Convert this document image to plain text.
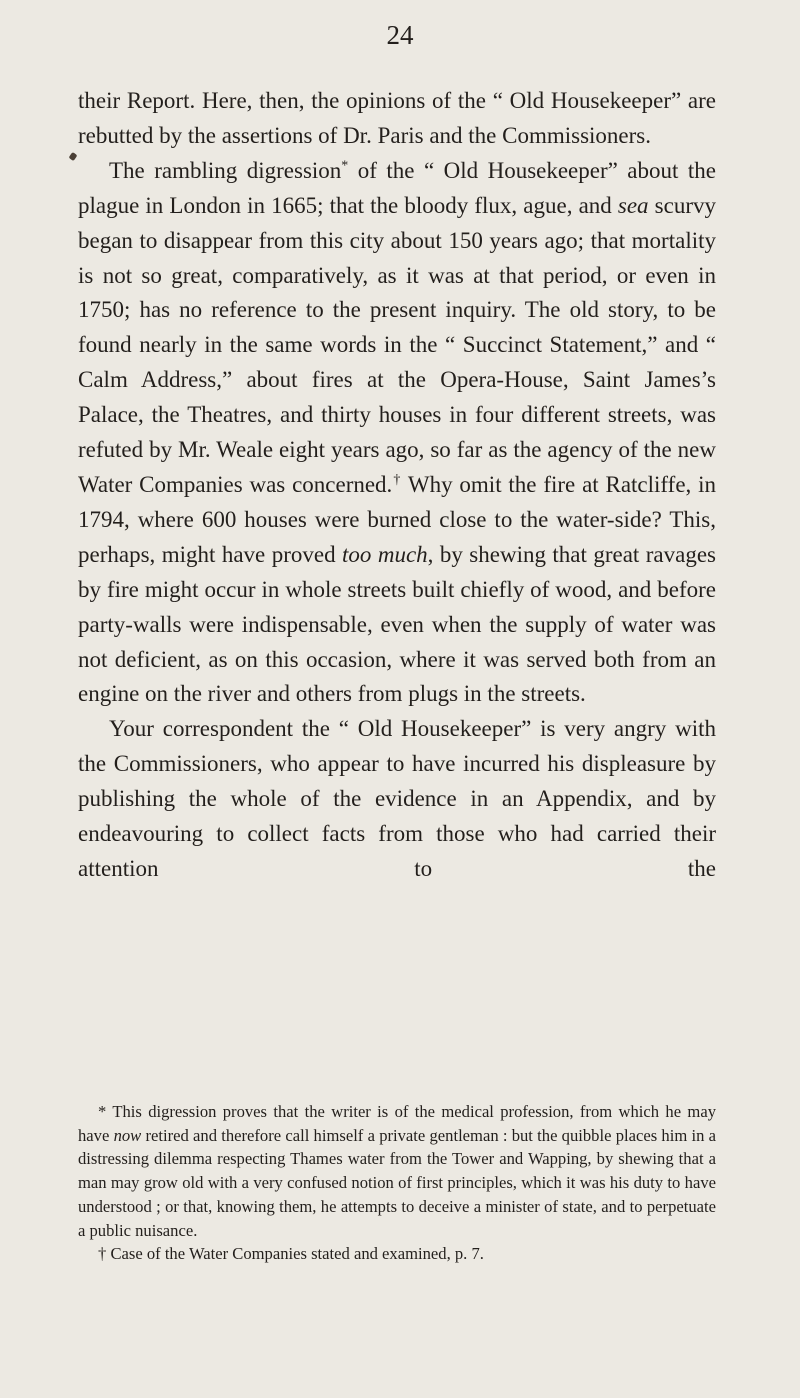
24

their Report. Here, then, the opinions of the “ Old Housekeeper” are rebutted by the assertions of Dr. Paris and the Commissioners.

The rambling digression* of the “ Old Housekeeper” about the plague in London in 1665; that the bloody flux, ague, and sea scurvy began to disappear from this city about 150 years ago; that mortality is not so great, comparatively, as it was at that period, or even in 1750; has no reference to the present inquiry. The old story, to be found nearly in the same words in the “ Succinct Statement,” and “ Calm Address,” about fires at the Opera-House, Saint James’s Palace, the Theatres, and thirty houses in four different streets, was refuted by Mr. Weale eight years ago, so far as the agency of the new Water Companies was concerned.† Why omit the fire at Ratcliffe, in 1794, where 600 houses were burned close to the water-side? This, perhaps, might have proved too much, by shewing that great ravages by fire might occur in whole streets built chiefly of wood, and before party-walls were indispensable, even when the supply of water was not deficient, as on this occasion, where it was served both from an engine on the river and others from plugs in the streets.

Your correspondent the “ Old Housekeeper” is very angry with the Commissioners, who appear to have incurred his displeasure by publishing the whole of the evidence in an Appendix, and by endeavouring to collect facts from those who had carried their attention to the

* This digression proves that the writer is of the medical profession, from which he may have now retired and therefore call himself a private gentleman : but the quibble places him in a distressing dilemma respecting Thames water from the Tower and Wapping, by shewing that a man may grow old with a very confused notion of first principles, which it was his duty to have understood ; or that, knowing them, he attempts to deceive a minister of state, and to perpetuate a public nuisance.

† Case of the Water Companies stated and examined, p. 7.
